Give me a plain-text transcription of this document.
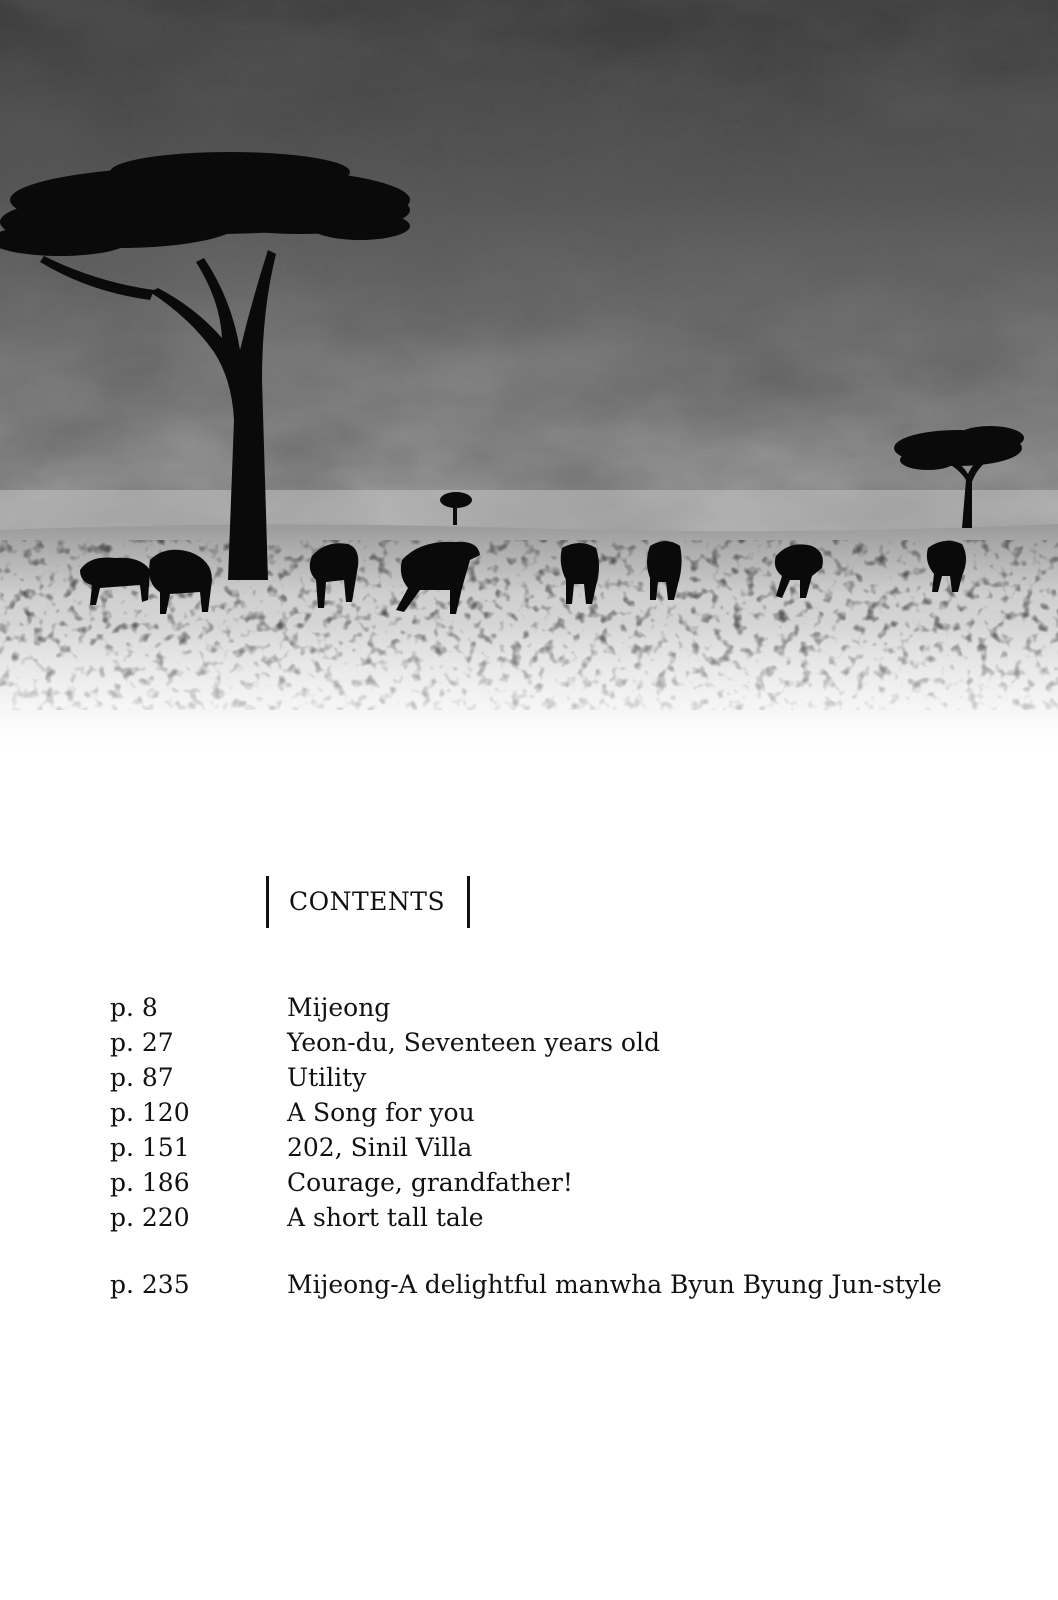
CONTENTS
p. 8	Mijeong
p. 27	Yeon-du, Seventeen years old
p. 87	Utility
p. 120	A Song for you
p. 151	202, Sinil Villa
p. 186	Courage, grandfather!
p. 220	A short tall tale
p. 235	Mijeong-A delightful manwha Byun Byung Jun-style
